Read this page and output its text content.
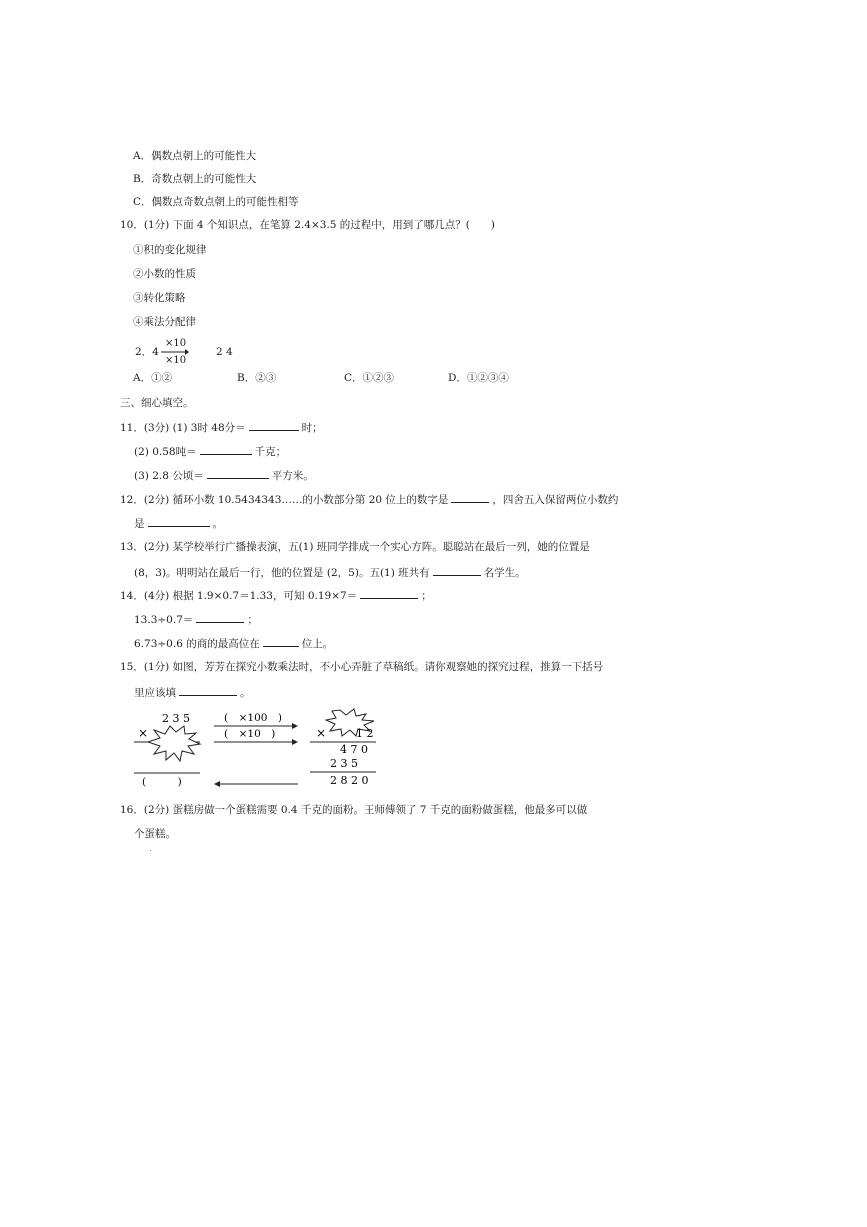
A．偶数点朝上的可能性大
B．奇数点朝上的可能性大
C．偶数点奇数点朝上的可能性相等
10．(1分) 下面 4 个知识点，在笔算 2.4×3.5 的过程中，用到了哪几点？(　　)
①积的变化规律
②小数的性质
③转化策略
④乘法分配律
2．4
×10
×10
2 4
A．①②	B．②③	C．①②③	D．①②③④
三、细心填空。
11．(3分) (1) 3时 48分＝	时；
(2) 0.58吨＝	千克；
(3) 2.8 公顷＝	平方米。
12．(2分) 循环小数 10.5434343……的小数部分第 20 位上的数字是	，四舍五入保留两位小数约
是	。
13．(2分) 某学校举行广播操表演，五(1) 班同学排成一个实心方阵。聪聪站在最后一列，她的位置是
(8，3)。明明站在最后一行，他的位置是 (2，5)。五(1) 班共有	名学生。
14．(4分) 根据 1.9×0.7＝1.33，可知 0.19×7＝	；
13.3÷0.7＝	；
6.73÷0.6 的商的最高位在	位上。
15．(1分) 如图，芳芳在探究小数乘法时，不小心弄脏了草稿纸。请你观察她的探究过程，推算一下括号
里应该填	。
2 3 5
×
(　　　)
(　×100　)
(　×10　)	×	1 2
4 7 0
2 3 5
2 8 2 0
16．(2分) 蛋糕房做一个蛋糕需要 0.4 千克的面粉。王师傅领了 7 千克的面粉做蛋糕，他最多可以做
个蛋糕。
